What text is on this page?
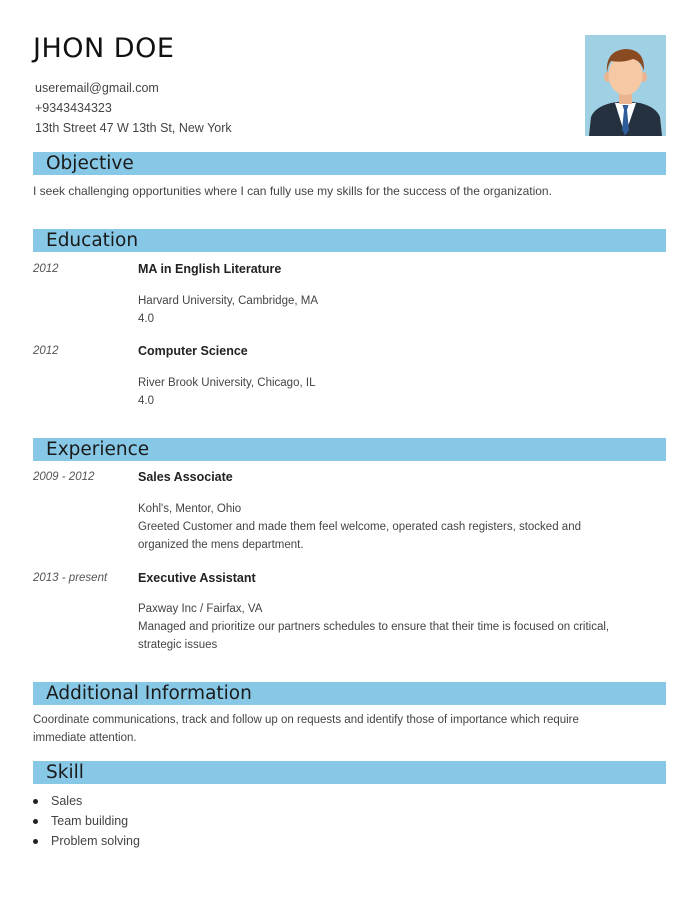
JHON DOE
useremail@gmail.com
+9343434323
13th Street 47 W 13th St, New York
Objective
I seek challenging opportunities where I can fully use my skills for the success of the organization.
Education
2012	MA in English Literature
Harvard University, Cambridge, MA
4.0
2012	Computer Science
River Brook University, Chicago, IL
4.0
Experience
2009 - 2012	Sales Associate
Kohl's, Mentor, Ohio
Greeted Customer and made them feel welcome, operated cash registers, stocked and
organized the mens department.
2013 - present Executive Assistant
Paxway Inc / Fairfax, VA
Managed and prioritize our partners schedules to ensure that their time is focused on critical,
strategic issues
Additional Information
Coordinate communications, track and follow up on requests and identify those of importance which require
immediate attention.
Skill
Sales
Team building
Problem solving
